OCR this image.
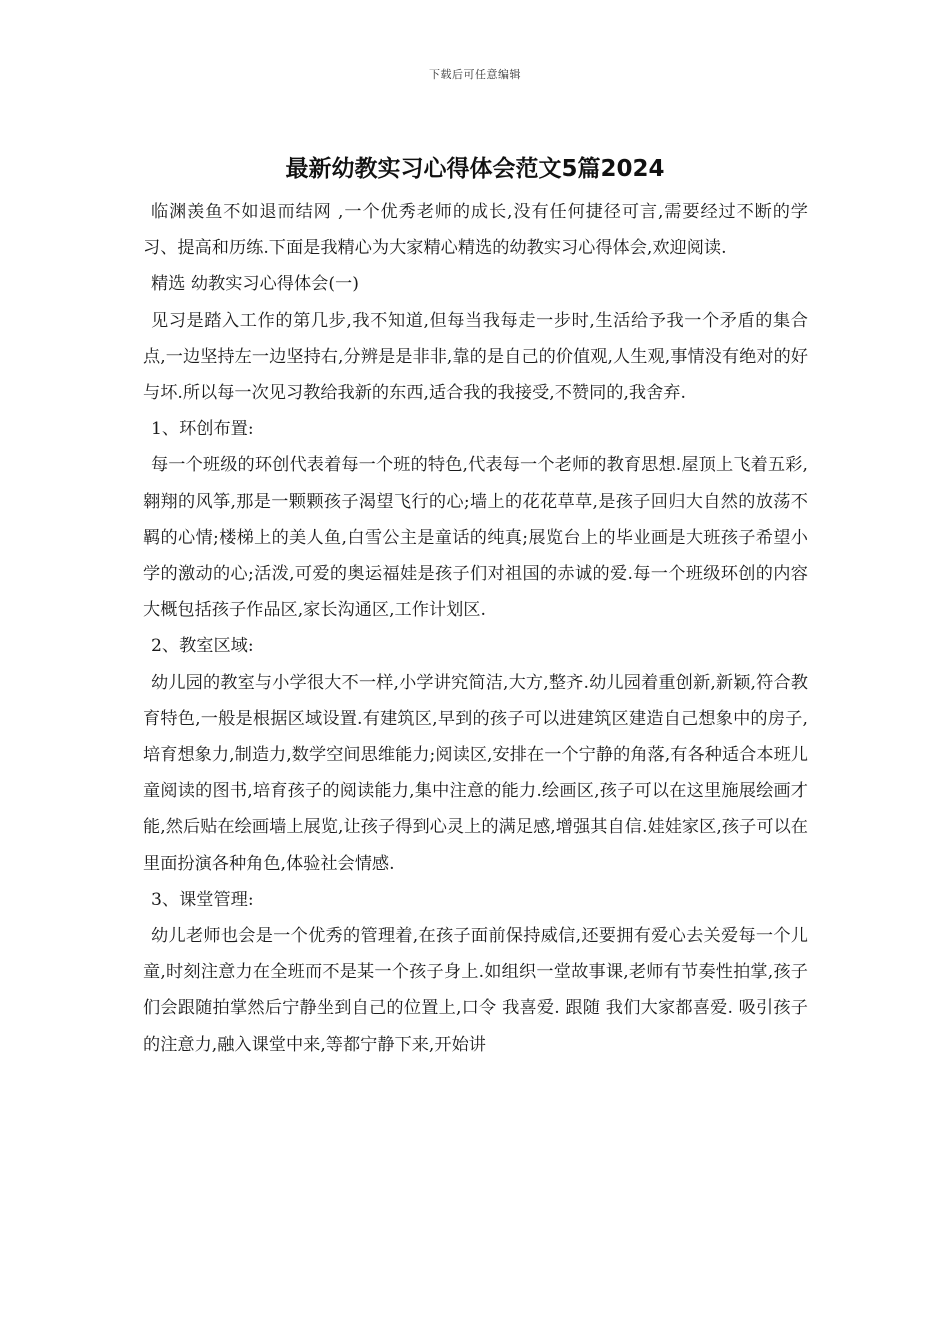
下载后可任意编辑
最新幼教实习心得体会范文5篇2024

临渊羡鱼不如退而结网 ,一个优秀老师的成长,没有任何捷径可言,需要经过不断的学习、提高和历练.下面是我精心为大家精心精选的幼教实习心得体会,欢迎阅读.

精选 幼教实习心得体会(一)

见习是踏入工作的第几步,我不知道,但每当我每走一步时,生活给予我一个矛盾的集合点,一边坚持左一边坚持右,分辨是是非非,靠的是自己的价值观,人生观,事情没有绝对的好与坏.所以每一次见习教给我新的东西,适合我的我接受,不赞同的,我舍弃.

1、环创布置:

每一个班级的环创代表着每一个班的特色,代表每一个老师的教育思想.屋顶上飞着五彩,翱翔的风筝,那是一颗颗孩子渴望飞行的心;墙上的花花草草,是孩子回归大自然的放荡不羁的心情;楼梯上的美人鱼,白雪公主是童话的纯真;展览台上的毕业画是大班孩子希望小学的激动的心;活泼,可爱的奥运福娃是孩子们对祖国的赤诚的爱.每一个班级环创的内容大概包括孩子作品区,家长沟通区,工作计划区.

2、教室区域:

幼儿园的教室与小学很大不一样,小学讲究简洁,大方,整齐.幼儿园着重创新,新颖,符合教育特色,一般是根据区域设置.有建筑区,早到的孩子可以进建筑区建造自己想象中的房子,培育想象力,制造力,数学空间思维能力;阅读区,安排在一个宁静的角落,有各种适合本班儿童阅读的图书,培育孩子的阅读能力,集中注意的能力.绘画区,孩子可以在这里施展绘画才能,然后贴在绘画墙上展览,让孩子得到心灵上的满足感,增强其自信.娃娃家区,孩子可以在里面扮演各种角色,体验社会情感.

3、课堂管理:

幼儿老师也会是一个优秀的管理着,在孩子面前保持威信,还要拥有爱心去关爱每一个儿童,时刻注意力在全班而不是某一个孩子身上.如组织一堂故事课,老师有节奏性拍掌,孩子们会跟随拍掌然后宁静坐到自己的位置上,口令 我喜爱. 跟随 我们大家都喜爱. 吸引孩子的注意力,融入课堂中来,等都宁静下来,开始讲
